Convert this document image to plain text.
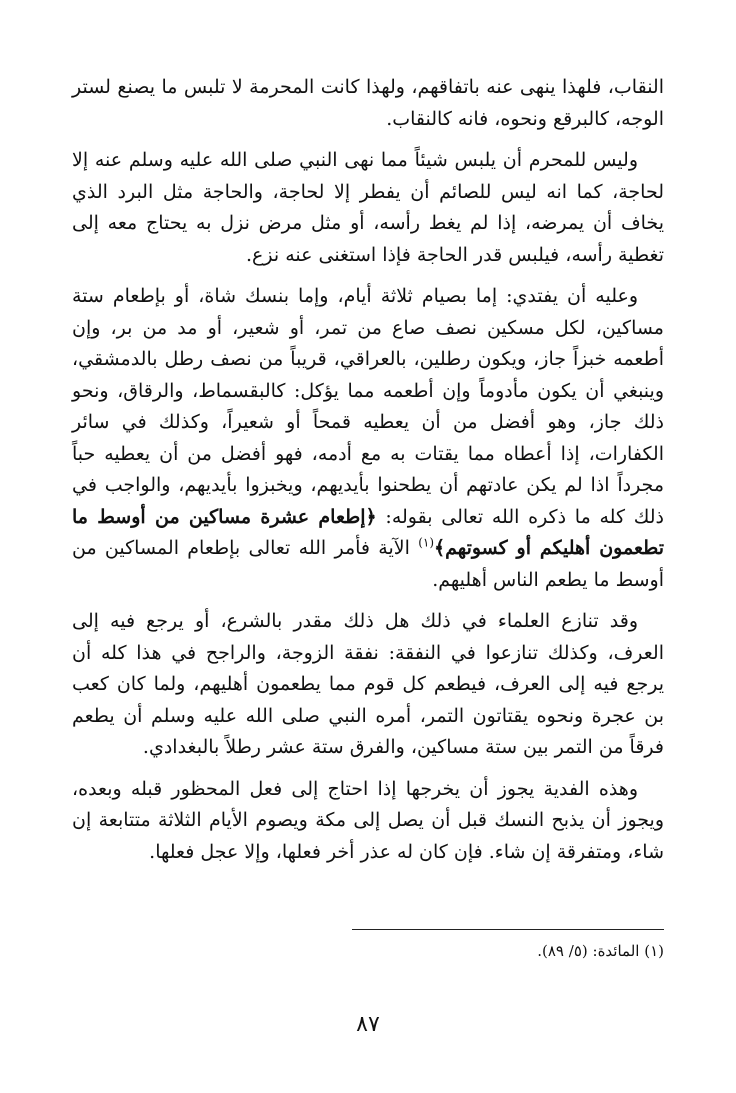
النقاب، فلهذا ينهى عنه باتفاقهم، ولهذا كانت المحرمة لا تلبس ما يصنع لستر الوجه، كالبرقع ونحوه، فانه كالنقاب.

وليس للمحرم أن يلبس شيئاً مما نهى النبي صلى الله عليه وسلم عنه إلا لحاجة، كما انه ليس للصائم أن يفطر إلا لحاجة، والحاجة مثل البرد الذي يخاف أن يمرضه، إذا لم يغط رأسه، أو مثل مرض نزل به يحتاج معه إلى تغطية رأسه، فيلبس قدر الحاجة فإذا استغنى عنه نزع.

وعليه أن يفتدي: إما بصيام ثلاثة أيام، وإما بنسك شاة، أو بإطعام ستة مساكين، لكل مسكين نصف صاع من تمر، أو شعير، أو مد من بر، وإن أطعمه خبزاً جاز، ويكون رطلين، بالعراقي، قريباً من نصف رطل بالدمشقي، وينبغي أن يكون مأدوماً وإن أطعمه مما يؤكل: كالبقسماط، والرقاق، ونحو ذلك جاز، وهو أفضل من أن يعطيه قمحاً أو شعيراً، وكذلك في سائر الكفارات، إذا أعطاه مما يقتات به مع أدمه، فهو أفضل من أن يعطيه حباً مجرداً اذا لم يكن عادتهم أن يطحنوا بأيديهم، ويخبزوا بأيديهم، والواجب في ذلك كله ما ذكره الله تعالى بقوله: ﴿إطعام عشرة مساكين من أوسط ما تطعمون أهليكم أو كسوتهم﴾$^{(١)}$ الآية فأمر الله تعالى بإطعام المساكين من أوسط ما يطعم الناس أهليهم.

وقد تنازع العلماء في ذلك هل ذلك مقدر بالشرع، أو يرجع فيه إلى العرف، وكذلك تنازعوا في النفقة: نفقة الزوجة، والراجح في هذا كله أن يرجع فيه إلى العرف، فيطعم كل قوم مما يطعمون أهليهم، ولما كان كعب بن عجرة ونحوه يقتاتون التمر، أمره النبي صلى الله عليه وسلم أن يطعم فرقاً من التمر بين ستة مساكين، والفرق ستة عشر رطلاً بالبغدادي.

وهذه الفدية يجوز أن يخرجها إذا احتاج إلى فعل المحظور قبله وبعده، ويجوز أن يذبح النسك قبل أن يصل إلى مكة ويصوم الأيام الثلاثة متتابعة إن شاء، ومتفرقة إن شاء. فإن كان له عذر أخر فعلها، وإلا عجل فعلها.

(١) المائدة: (٥/ ٨٩).
٨٧
